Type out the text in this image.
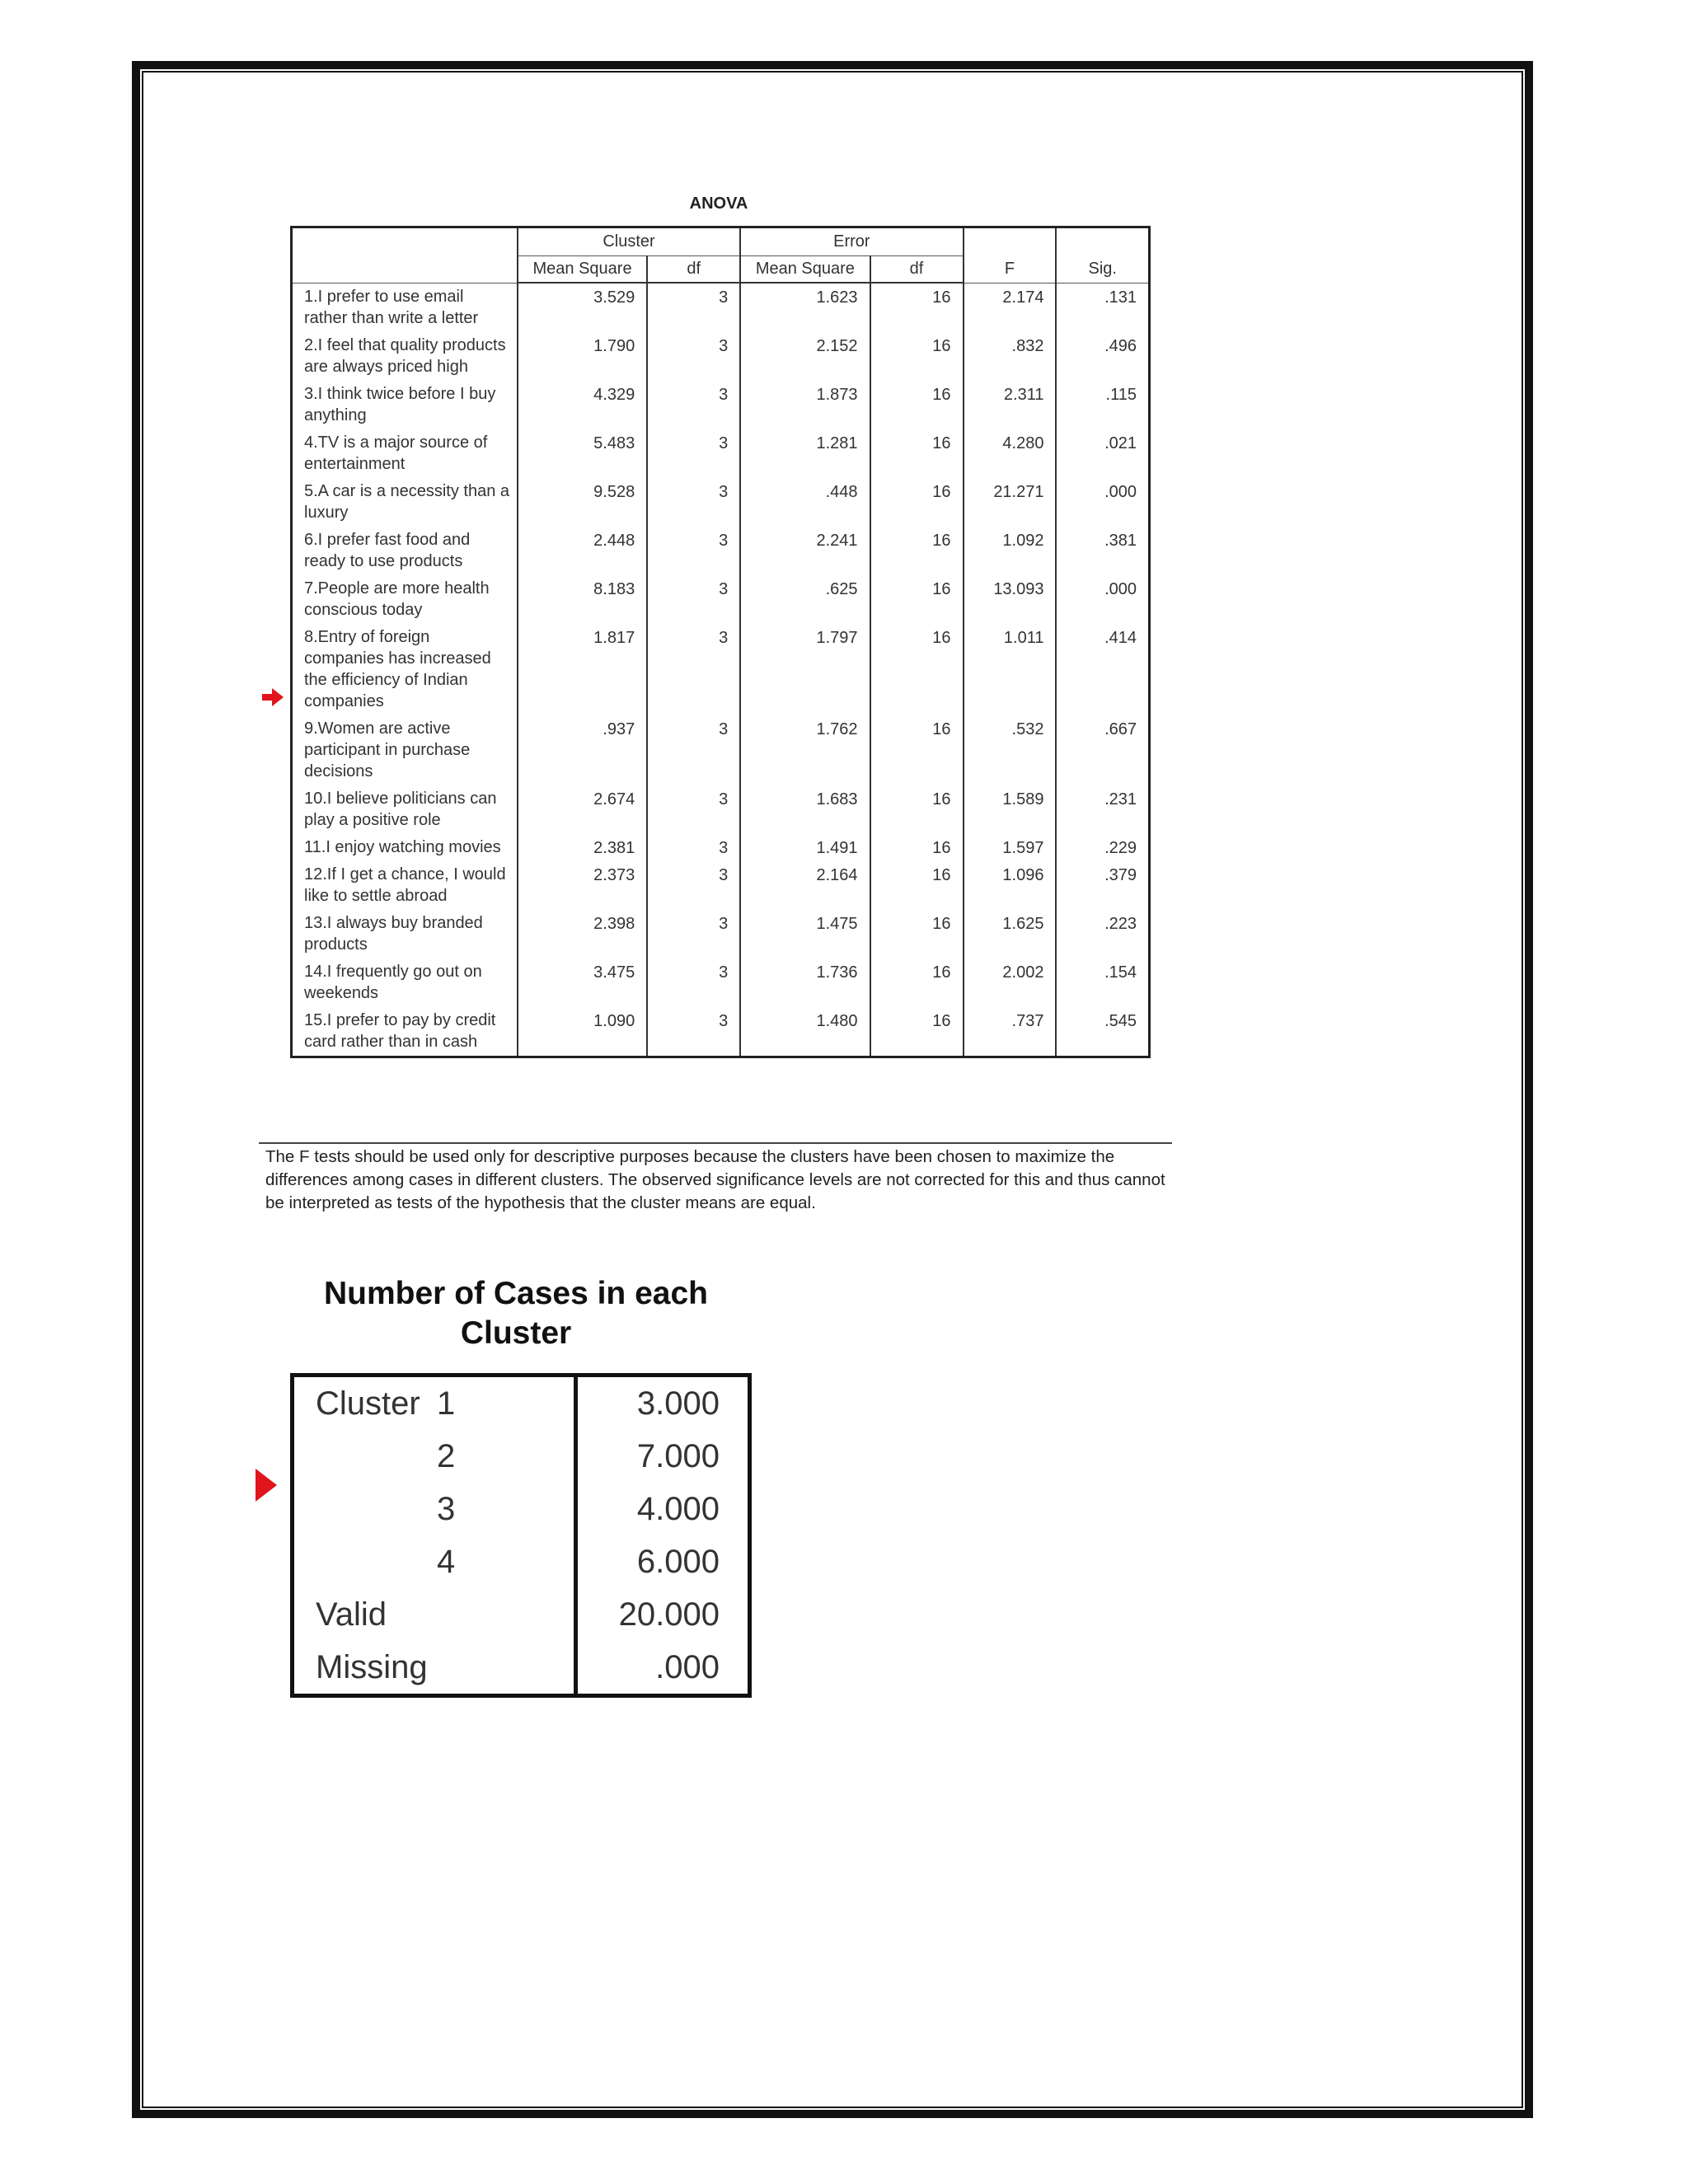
ANOVA
	Cluster		Error		F	Sig.
	Mean Square	df	Mean Square	df		
1.I prefer to use email rather than write a letter	3.529	3	1.623	16	2.174	.131
2.I feel that quality products are always priced high	1.790	3	2.152	16	.832	.496
3.I think twice before I buy anything	4.329	3	1.873	16	2.311	.115
4.TV is a major source of entertainment	5.483	3	1.281	16	4.280	.021
5.A car is a necessity than a luxury	9.528	3	.448	16	21.271	.000
6.I prefer fast food and ready to use products	2.448	3	2.241	16	1.092	.381
7.People are more health conscious today	8.183	3	.625	16	13.093	.000
8.Entry of foreign companies has increased the efficiency of Indian companies	1.817	3	1.797	16	1.011	.414
9.Women are active participant in purchase decisions	.937	3	1.762	16	.532	.667
10.I believe politicians can play a positive role	2.674	3	1.683	16	1.589	.231
11.I enjoy watching movies	2.381	3	1.491	16	1.597	.229
12.If I get a chance, I would like to settle abroad	2.373	3	2.164	16	1.096	.379
13.I always buy branded products	2.398	3	1.475	16	1.625	.223
14.I frequently go out on weekends	3.475	3	1.736	16	2.002	.154
15.I prefer to pay by credit card rather than in cash	1.090	3	1.480	16	.737	.545
The F tests should be used only for descriptive purposes because the clusters have been chosen to maximize the differences among cases in different clusters. The observed significance levels are not corrected for this and thus cannot be interpreted as tests of the hypothesis that the cluster means are equal.
Number of Cases in each Cluster
Cluster	1	3.000
	2	7.000
	3	4.000
	4	6.000
Valid		20.000
Missing		.000
